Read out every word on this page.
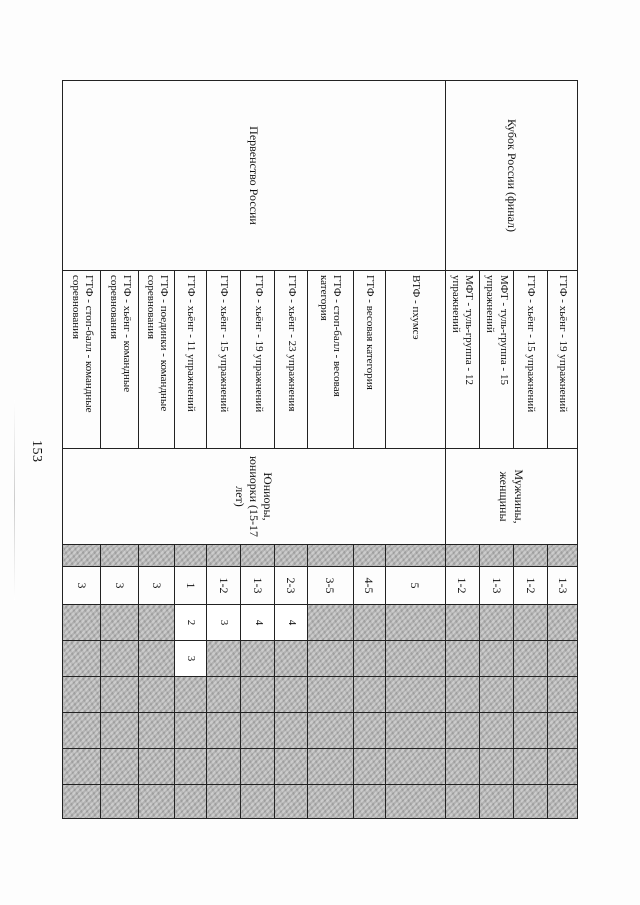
153
Кубок России (финал)	ГТФ - хьёнг - 19 упражнений	Мужчины, женщины		1-3						
	ГТФ - хьёнг - 15 упражнений			1-2						
	МФТ - туль-группа - 15 упражнений			1-3						
	МФТ - туль-группа - 12 упражнений			1-2						
Первенство России	ВТФ - пхумсэ	Юниоры, юниорки (15-17 лет)		5						
	ГТФ - весовая категория			4-5						
	ГТФ - стоп-балл - весовая категория			3-5						
	ГТФ - хьёнг - 23 упражнения			2-3	4					
	ГТФ - хьёнг - 19 упражнений			1-3	4					
	ГТФ - хьёнг - 15 упражнений			1-2	3					
	ГТФ - хьёнг - 11 упражнений			1	2	3				
	ГТФ - поединки - командные соревнования			3						
	ГТФ - хьёнг - командные соревнования			3						
	ГТФ - стоп-балл - командные соревнования			3						
